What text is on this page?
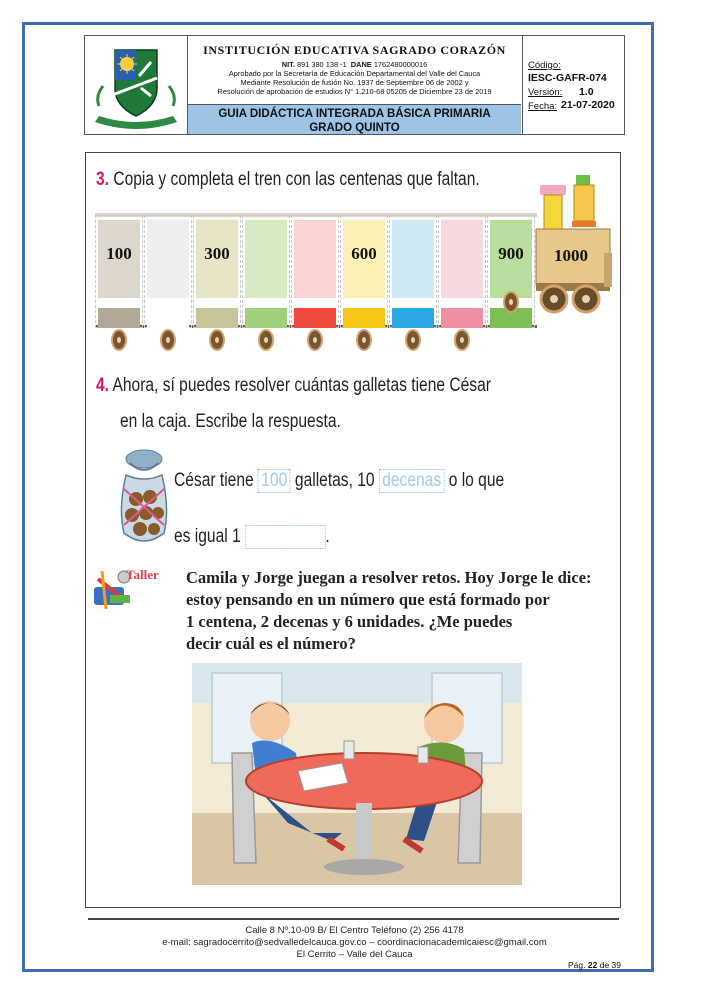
INSTITUCIÓN EDUCATIVA SAGRADO CORAZÓN
NIT. 891 380 138 -1 DANE 1762480000016
Aprobado por la Secretaría de Educación Departamental del Valle del Cauca
Mediante Resolución de fusión No. 1937 de Septiembre 06 de 2002 y
Resolución de aprobación de estudios N° 1.210-68 05205 de Diciembre 23 de 2019
GUIA DIDÁCTICA INTEGRADA BÁSICA PRIMARIA
GRADO QUINTO
Código:
IESC-GAFR-074
Versión: 1.0
Fecha: 21-07-2020
3. Copia y completa el tren con las centenas que faltan.
100	300	600	900	1000
4. Ahora, sí puedes resolver cuántas galletas tiene César
en la caja. Escribe la respuesta.
César tiene 100 galletas, 10 decenas o lo que
es igual 1	.
Taller Camila y Jorge juegan a resolver retos. Hoy Jorge le dice:
estoy pensando en un número que está formado por
1 centena, 2 decenas y 6 unidades. ¿Me puedes
decir cuál es el número?
Calle 8 Nº.10-09 B/ El Centro Teléfono (2) 256 4178
e-mail: sagradocerrito@sedvalledelcauca.gov.co – coordinacionacademicaiesc@gmail.com
El Cerrito – Valle del Cauca
Pág. 22 de 39
